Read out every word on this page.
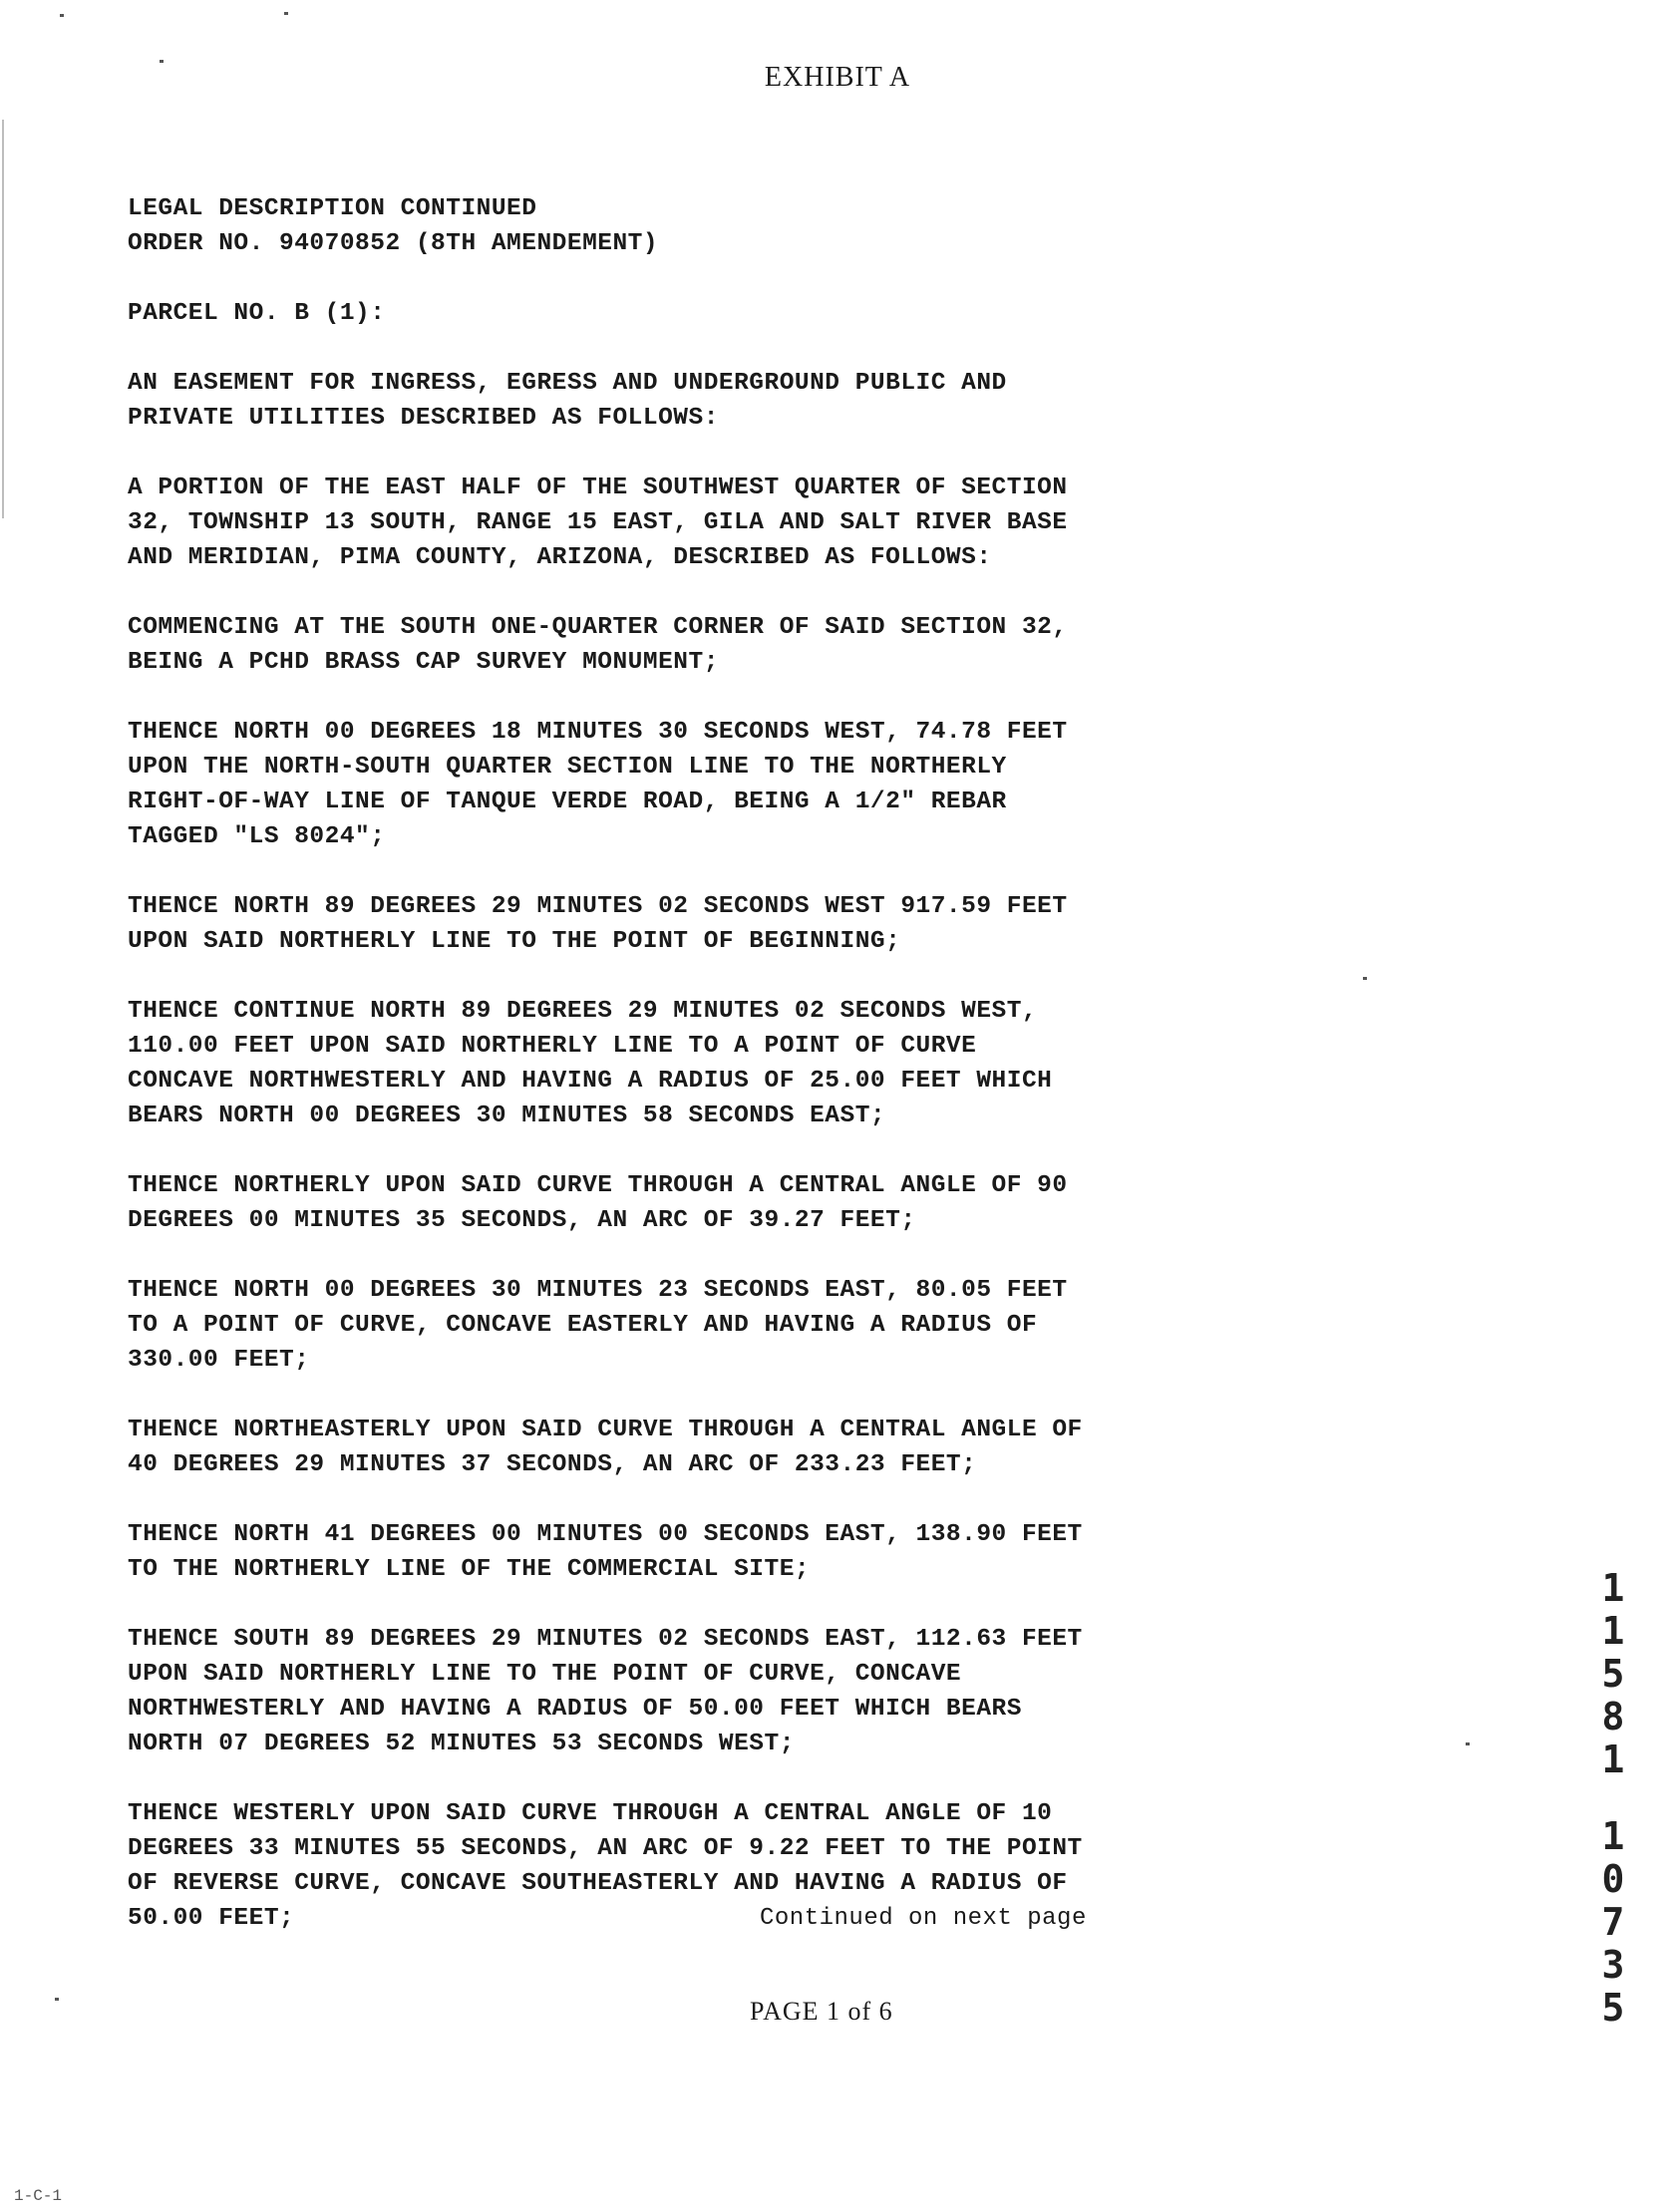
EXHIBIT A
LEGAL DESCRIPTION CONTINUED
ORDER NO. 94070852 (8TH AMENDEMENT)
PARCEL NO. B (1):
AN EASEMENT FOR INGRESS, EGRESS AND UNDERGROUND PUBLIC AND
PRIVATE UTILITIES DESCRIBED AS FOLLOWS:
A PORTION OF THE EAST HALF OF THE SOUTHWEST QUARTER OF SECTION
32, TOWNSHIP 13 SOUTH, RANGE 15 EAST, GILA AND SALT RIVER BASE
AND MERIDIAN, PIMA COUNTY, ARIZONA, DESCRIBED AS FOLLOWS:
COMMENCING AT THE SOUTH ONE-QUARTER CORNER OF SAID SECTION 32,
BEING A PCHD BRASS CAP SURVEY MONUMENT;
THENCE NORTH 00 DEGREES 18 MINUTES 30 SECONDS WEST, 74.78 FEET
UPON THE NORTH-SOUTH QUARTER SECTION LINE TO THE NORTHERLY
RIGHT-OF-WAY LINE OF TANQUE VERDE ROAD, BEING A 1/2" REBAR
TAGGED "LS 8024";
THENCE NORTH 89 DEGREES 29 MINUTES 02 SECONDS WEST 917.59 FEET
UPON SAID NORTHERLY LINE TO THE POINT OF BEGINNING;
THENCE CONTINUE NORTH 89 DEGREES 29 MINUTES 02 SECONDS WEST,
110.00 FEET UPON SAID NORTHERLY LINE TO A POINT OF CURVE
CONCAVE NORTHWESTERLY AND HAVING A RADIUS OF 25.00 FEET WHICH
BEARS NORTH 00 DEGREES 30 MINUTES 58 SECONDS EAST;
THENCE NORTHERLY UPON SAID CURVE THROUGH A CENTRAL ANGLE OF 90
DEGREES 00 MINUTES 35 SECONDS, AN ARC OF 39.27 FEET;
THENCE NORTH 00 DEGREES 30 MINUTES 23 SECONDS EAST, 80.05 FEET
TO A POINT OF CURVE, CONCAVE EASTERLY AND HAVING A RADIUS OF
330.00 FEET;
THENCE NORTHEASTERLY UPON SAID CURVE THROUGH A CENTRAL ANGLE OF
40 DEGREES 29 MINUTES 37 SECONDS, AN ARC OF 233.23 FEET;
THENCE NORTH 41 DEGREES 00 MINUTES 00 SECONDS EAST, 138.90 FEET
TO THE NORTHERLY LINE OF THE COMMERCIAL SITE;
THENCE SOUTH 89 DEGREES 29 MINUTES 02 SECONDS EAST, 112.63 FEET
UPON SAID NORTHERLY LINE TO THE POINT OF CURVE, CONCAVE
NORTHWESTERLY AND HAVING A RADIUS OF 50.00 FEET WHICH BEARS
NORTH 07 DEGREES 52 MINUTES 53 SECONDS WEST;
THENCE WESTERLY UPON SAID CURVE THROUGH A CENTRAL ANGLE OF 10
DEGREES 33 MINUTES 55 SECONDS, AN ARC OF 9.22 FEET TO THE POINT
OF REVERSE CURVE, CONCAVE SOUTHEASTERLY AND HAVING A RADIUS OF
50.00 FEET;	Continued on next page
PAGE 1 of 6
1
1
5
8
1
1
0
7
3
5
1-C-1
